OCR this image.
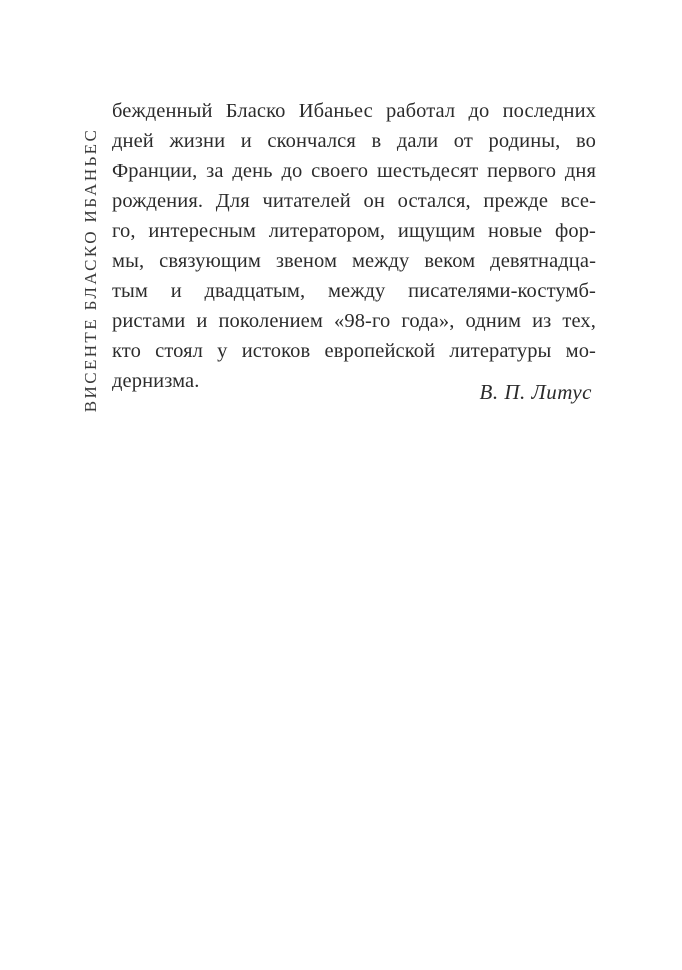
ВИСЕНТЕ БЛАСКО ИБАНЬЕС
бежденный Бласко Ибаньес работал до последних
дней жизни и скончался в дали от родины, во
Франции, за день до своего шестьдесят первого дня
рождения. Для читателей он остался, прежде все-
го, интересным литератором, ищущим новые фор-
мы, связующим звеном между веком девятнадца-
тым и двадцатым, между писателями-костумб-
ристами и поколением «98-го года», одним из тех,
кто стоял у истоков европейской литературы мо-
дернизма.	В. П. Литус
